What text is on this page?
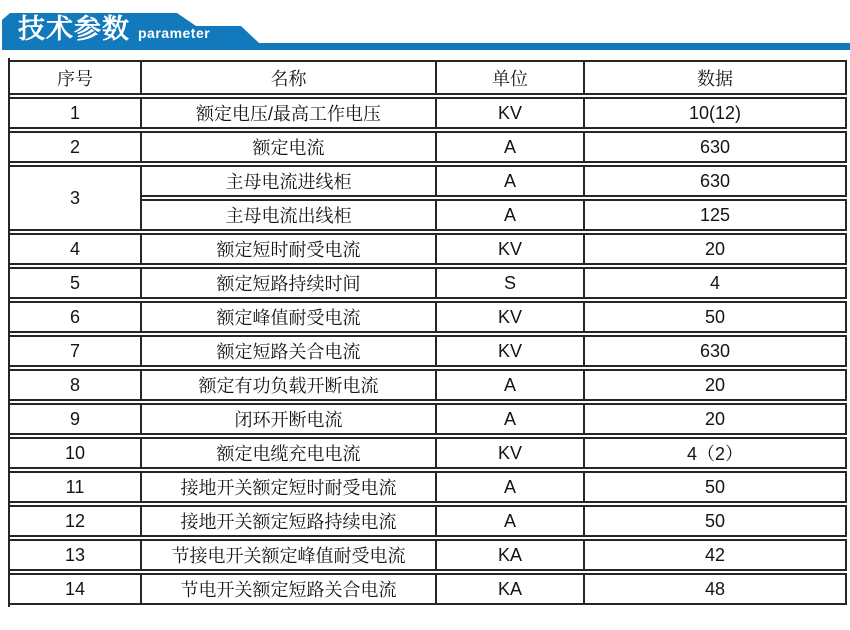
技术参数 parameter
序号	名称	单位	数据
1	额定电压/最高工作电压	KV	10(12)
2	额定电流	A	630
3	主母电流进线柜	A	630
	主母电流出线柜	A	125
4	额定短时耐受电流	KV	20
5	额定短路持续时间	S	4
6	额定峰值耐受电流	KV	50
7	额定短路关合电流	KV	630
8	额定有功负载开断电流	A	20
9	闭环开断电流	A	20
10	额定电缆充电电流	KV	4（2）
11	接地开关额定短时耐受电流	A	50
12	接地开关额定短路持续电流	A	50
13	节接电开关额定峰值耐受电流	KA	42
14	节电开关额定短路关合电流	KA	48
